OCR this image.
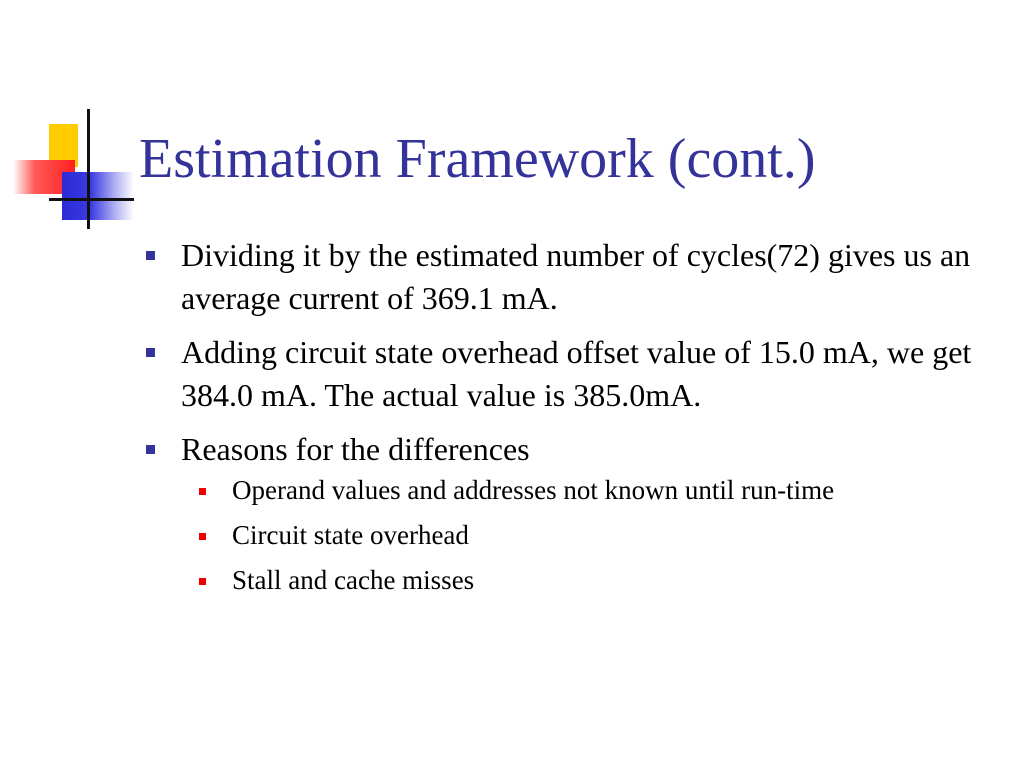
Estimation Framework (cont.)
Dividing it by the estimated number of cycles(72) gives us an average current of 369.1 mA.
Adding circuit state overhead offset value of 15.0 mA, we get 384.0 mA. The actual value is 385.0mA.
Reasons for the differences
Operand values and addresses not known until run-time
Circuit state overhead
Stall and cache misses
